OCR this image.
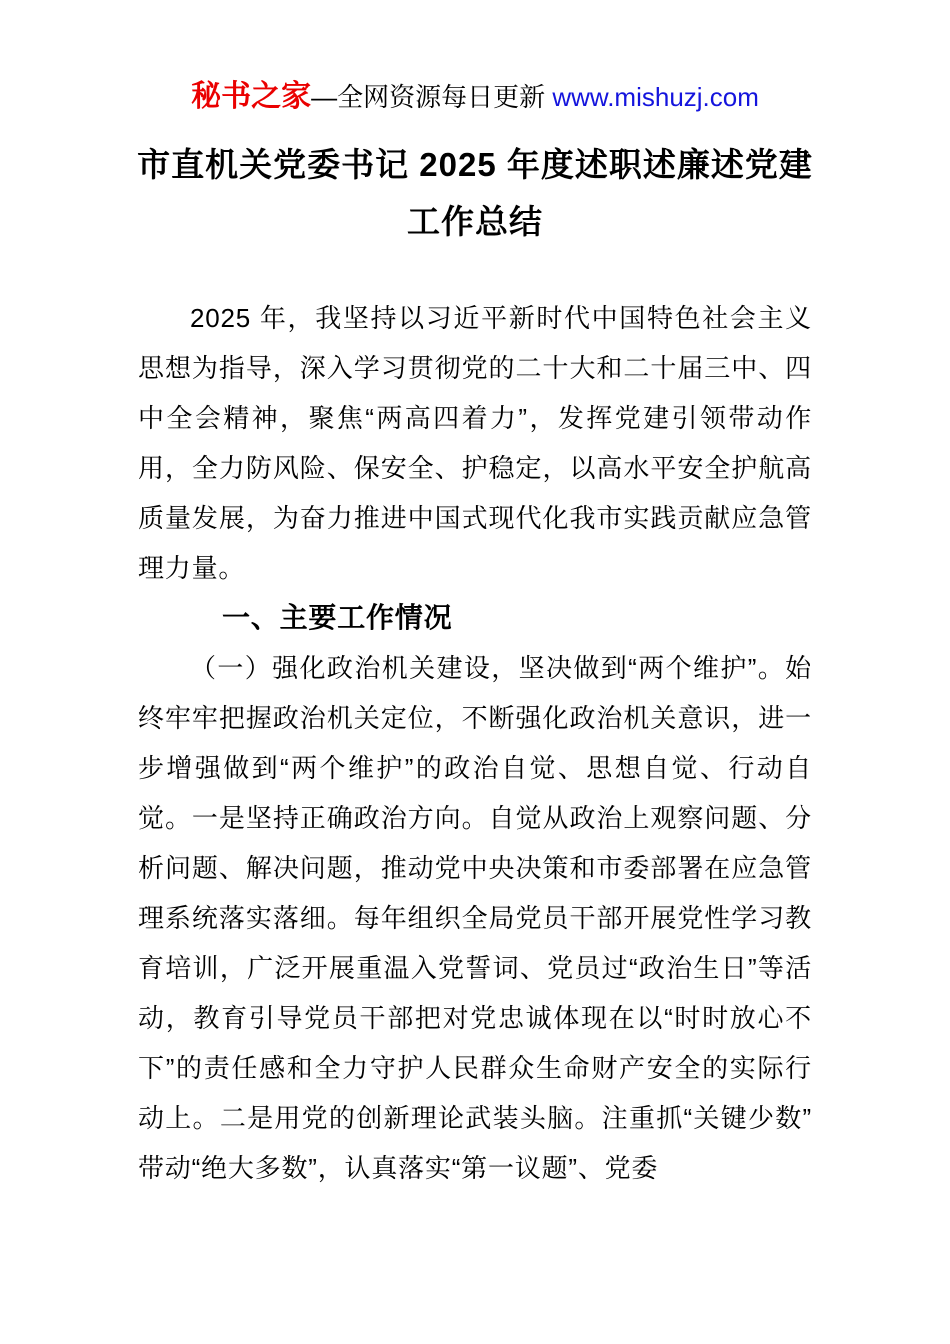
秘书之家—全网资源每日更新 www.mishuzj.com
市直机关党委书记 2025 年度述职述廉述党建工作总结

2025 年，我坚持以习近平新时代中国特色社会主义思想为指导，深入学习贯彻党的二十大和二十届三中、四中全会精神，聚焦“两高四着力”，发挥党建引领带动作用，全力防风险、保安全、护稳定，以高水平安全护航高质量发展，为奋力推进中国式现代化我市实践贡献应急管理力量。

一、主要工作情况

（一）强化政治机关建设，坚决做到“两个维护”。始终牢牢把握政治机关定位，不断强化政治机关意识，进一步增强做到“两个维护”的政治自觉、思想自觉、行动自觉。一是坚持正确政治方向。自觉从政治上观察问题、分析问题、解决问题，推动党中央决策和市委部署在应急管理系统落实落细。每年组织全局党员干部开展党性学习教育培训，广泛开展重温入党誓词、党员过“政治生日”等活动，教育引导党员干部把对党忠诚体现在以“时时放心不下”的责任感和全力守护人民群众生命财产安全的实际行动上。二是用党的创新理论武装头脑。注重抓“关键少数”带动“绝大多数”，认真落实“第一议题”、党委
